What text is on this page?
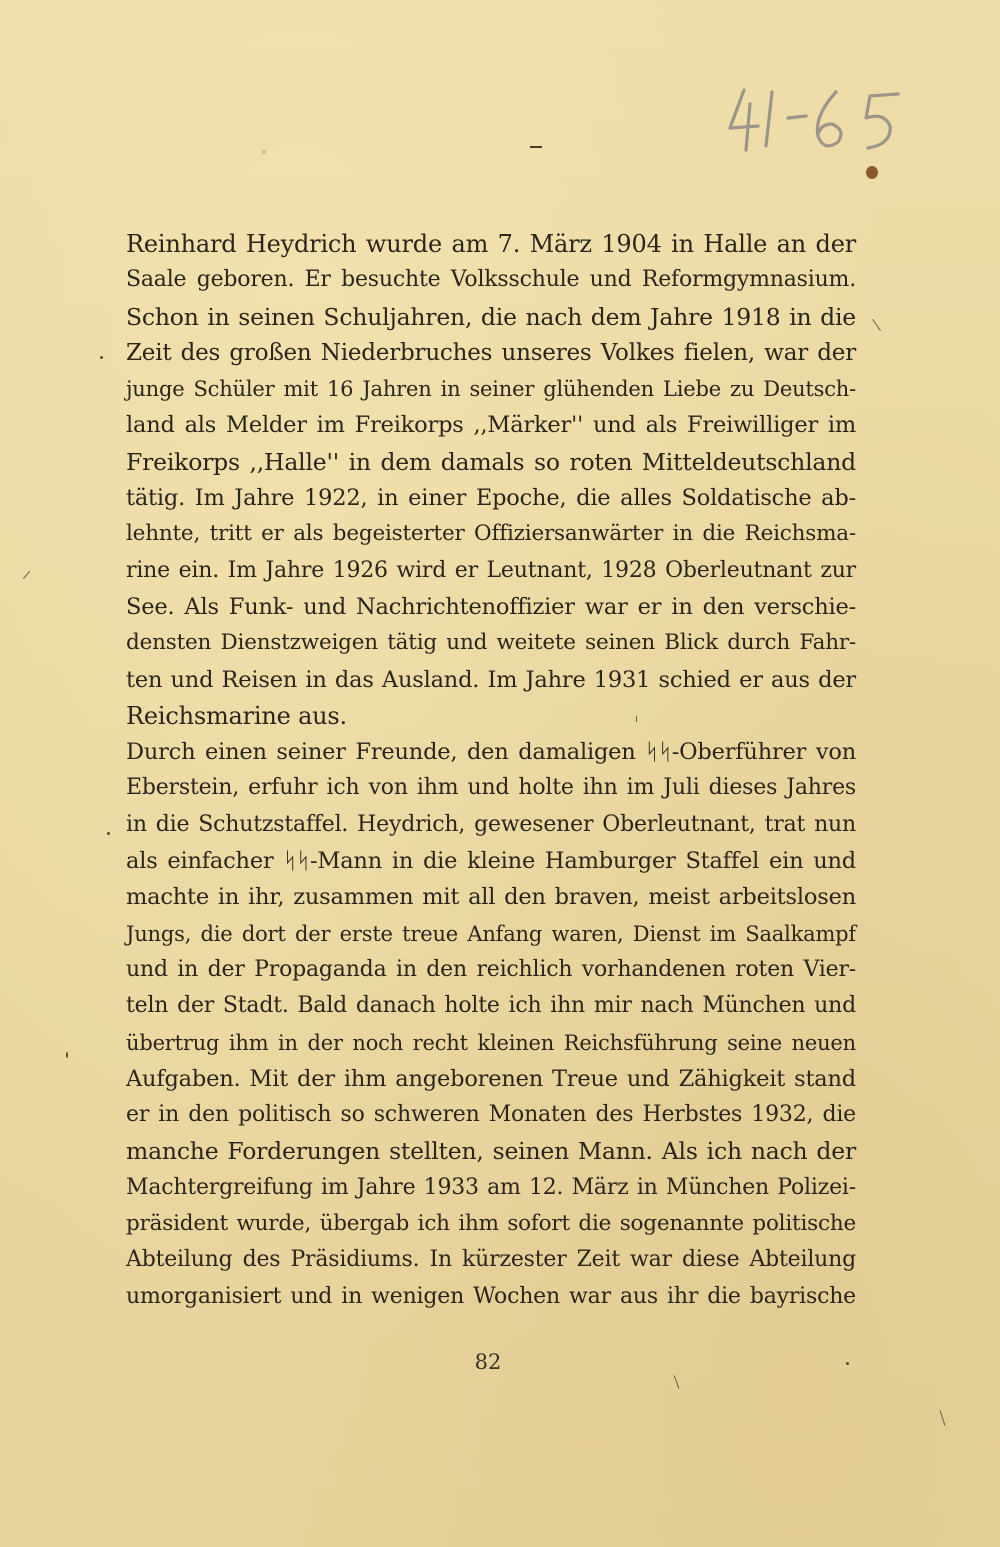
Reinhard Heydrich wurde am 7. März 1904 in Halle an der
Saale geboren. Er besuchte Volksschule und Reformgymnasium.
Schon in seinen Schuljahren, die nach dem Jahre 1918 in die
Zeit des großen Niederbruches unseres Volkes fielen, war der
junge Schüler mit 16 Jahren in seiner glühenden Liebe zu Deutsch-
land als Melder im Freikorps ,,Märker'' und als Freiwilliger im
Freikorps ,,Halle'' in dem damals so roten Mitteldeutschland
tätig. Im Jahre 1922, in einer Epoche, die alles Soldatische ab-
lehnte, tritt er als begeisterter Offiziersanwärter in die Reichsma-
rine ein. Im Jahre 1926 wird er Leutnant, 1928 Oberleutnant zur
See. Als Funk- und Nachrichtenoffizier war er in den verschie-
densten Dienstzweigen tätig und weitete seinen Blick durch Fahr-
ten und Reisen in das Ausland. Im Jahre 1931 schied er aus der
Reichsmarine aus.
Durch einen seiner Freunde, den damaligen ᛋᛋ-Oberführer von
Eberstein, erfuhr ich von ihm und holte ihn im Juli dieses Jahres
in die Schutzstaffel. Heydrich, gewesener Oberleutnant, trat nun
als einfacher ᛋᛋ-Mann in die kleine Hamburger Staffel ein und
machte in ihr, zusammen mit all den braven, meist arbeitslosen
Jungs, die dort der erste treue Anfang waren, Dienst im Saalkampf
und in der Propaganda in den reichlich vorhandenen roten Vier-
teln der Stadt. Bald danach holte ich ihn mir nach München und
übertrug ihm in der noch recht kleinen Reichsführung seine neuen
Aufgaben. Mit der ihm angeborenen Treue und Zähigkeit stand
er in den politisch so schweren Monaten des Herbstes 1932, die
manche Forderungen stellten, seinen Mann. Als ich nach der
Machtergreifung im Jahre 1933 am 12. März in München Polizei-
präsident wurde, übergab ich ihm sofort die sogenannte politische
Abteilung des Präsidiums. In kürzester Zeit war diese Abteilung
umorganisiert und in wenigen Wochen war aus ihr die bayrische
82
